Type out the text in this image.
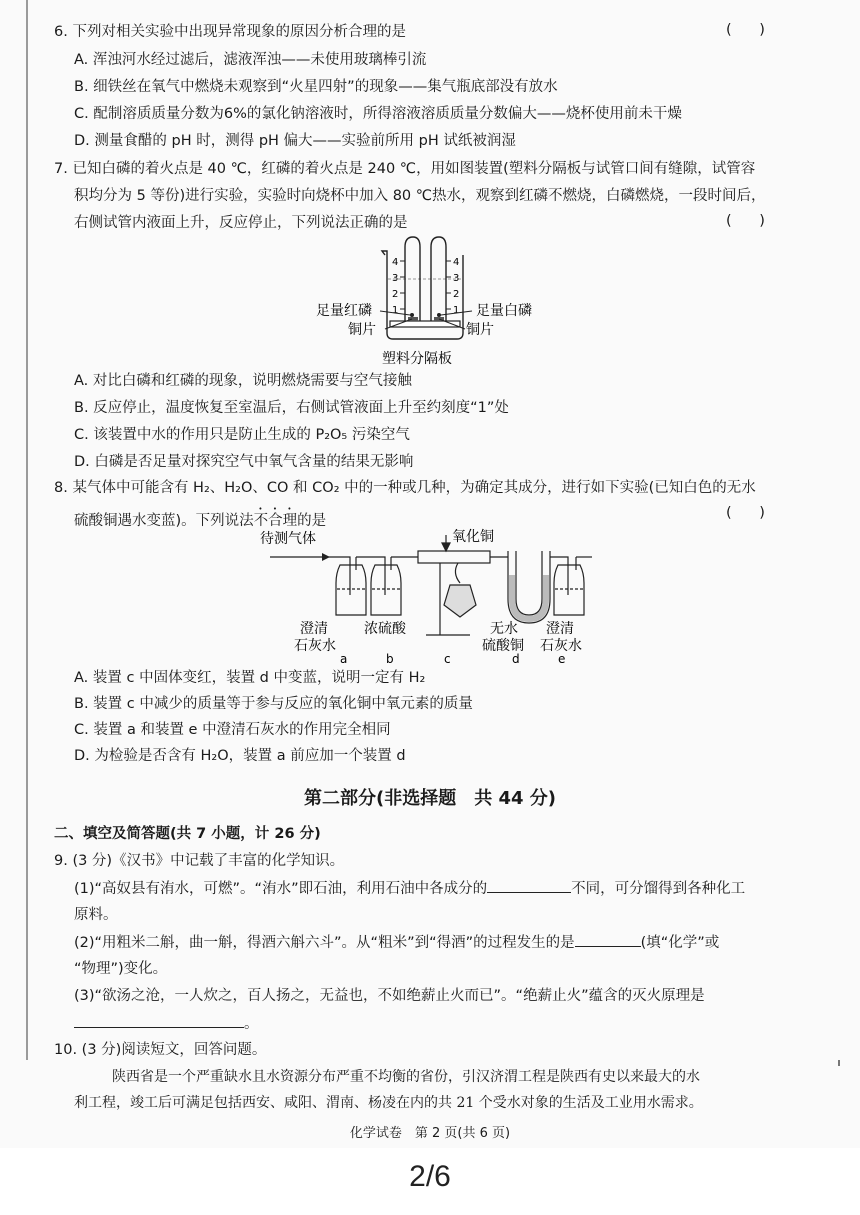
6. 下列对相关实验中出现异常现象的原因分析合理的是	(      )
A. 浑浊河水经过滤后，滤液浑浊——未使用玻璃棒引流
B. 细铁丝在氧气中燃烧未观察到“火星四射”的现象——集气瓶底部没有放水
C. 配制溶质质量分数为6%的氯化钠溶液时，所得溶液溶质质量分数偏大——烧杯使用前未干燥
D. 测量食醋的 pH 时，测得 pH 偏大——实验前所用 pH 试纸被润湿
7. 已知白磷的着火点是 40 ℃，红磷的着火点是 240 ℃，用如图装置(塑料分隔板与试管口间有缝隙，试管容
积均分为 5 等份)进行实验，实验时向烧杯中加入 80 ℃热水，观察到红磷不燃烧，白磷燃烧，一段时间后，
右侧试管内液面上升，反应停止，下列说法正确的是	(      )
4
3
2
1
4
3
2
1
足量红磷
铜片
足量白磷
铜片
塑料分隔板
A. 对比白磷和红磷的现象，说明燃烧需要与空气接触
B. 反应停止，温度恢复至室温后，右侧试管液面上升至约刻度“1”处
C. 该装置中水的作用只是防止生成的 P₂O₅ 污染空气
D. 白磷是否足量对探究空气中氧气含量的结果无影响
8. 某气体中可能含有 H₂、H₂O、CO 和 CO₂ 中的一种或几种，为确定其成分，进行如下实验(已知白色的无水
硫酸铜遇水变蓝)。下列说法不合理的是	(      )
待测气体	氧化铜
澄清
石灰水
浓硫酸	无水
硫酸铜
澄清
石灰水
a	b	c	d	e
A. 装置 c 中固体变红，装置 d 中变蓝，说明一定有 H₂
B. 装置 c 中减少的质量等于参与反应的氧化铜中氧元素的质量
C. 装置 a 和装置 e 中澄清石灰水的作用完全相同
D. 为检验是否含有 H₂O，装置 a 前应加一个装置 d
第二部分(非选择题　共 44 分)
二、填空及简答题(共 7 小题，计 26 分)
9. (3 分)《汉书》中记载了丰富的化学知识。
(1)“高奴县有洧水，可燃”。“洧水”即石油，利用石油中各成分的	不同，可分馏得到各种化工
原料。
(2)“用粗米二斛，曲一斛，得酒六斛六斗”。从“粗米”到“得酒”的过程发生的是	(填“化学”或
“物理”)变化。
(3)“欲汤之沧，一人炊之，百人扬之，无益也，不如绝薪止火而已”。“绝薪止火”蕴含的灭火原理是
。
10. (3 分)阅读短文，回答问题。
陕西省是一个严重缺水且水资源分布严重不均衡的省份，引汉济渭工程是陕西有史以来最大的水
利工程，竣工后可满足包括西安、咸阳、渭南、杨凌在内的共 21 个受水对象的生活及工业用水需求。
化学试卷　第 2 页(共 6 页)
2/6
